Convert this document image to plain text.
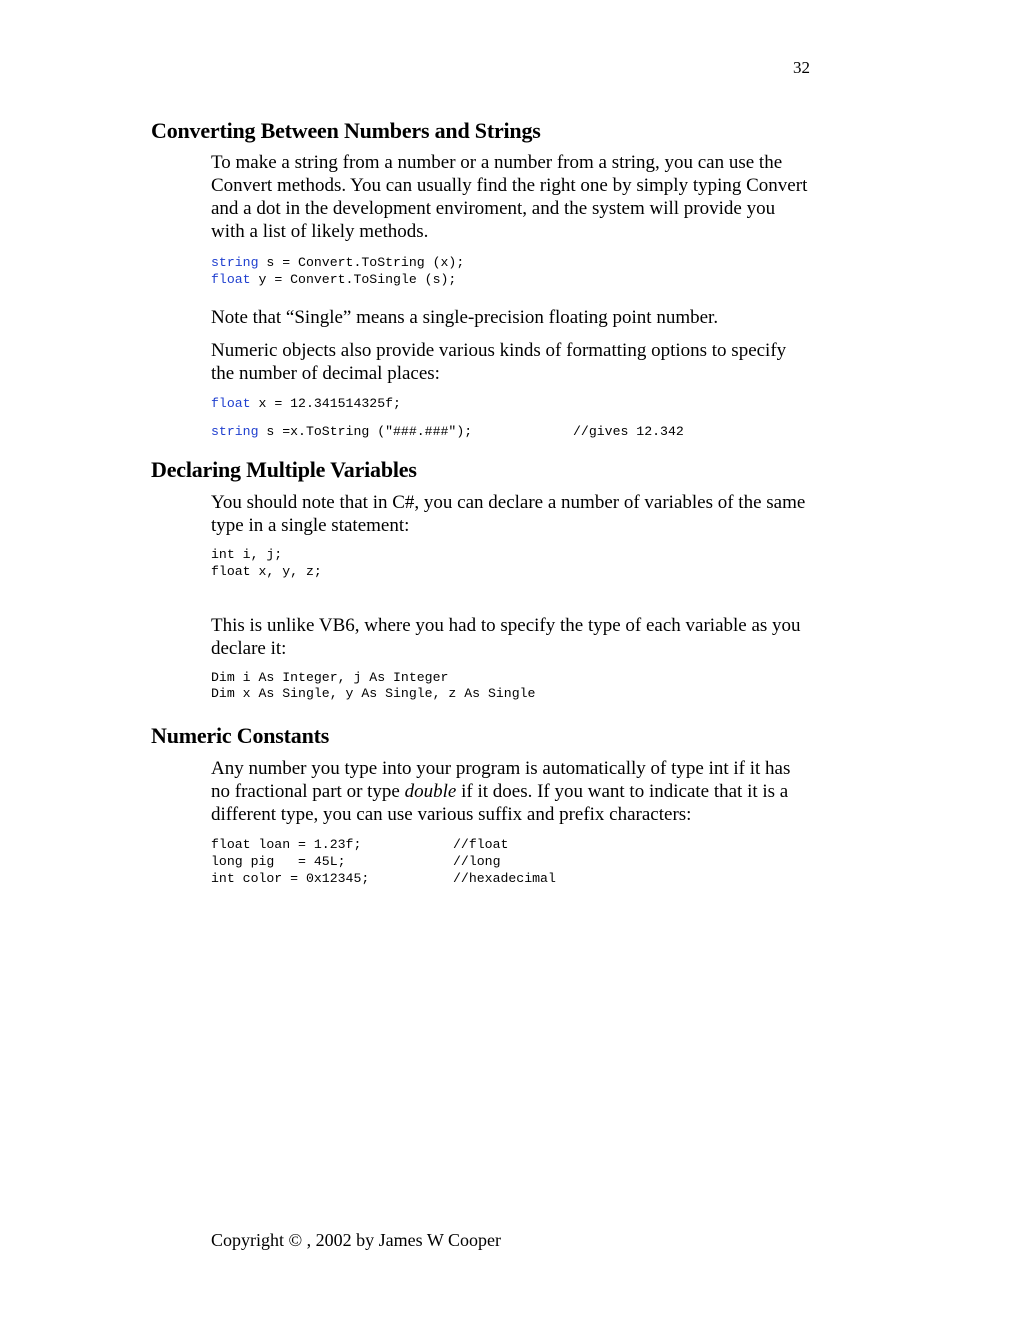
32
Converting Between Numbers and Strings
To make a string from a number or a number from a string, you can use the Convert methods. You can usually find the right one by simply typing Convert and a dot in the development enviroment, and the system will provide you with a list of likely methods.
string s = Convert.ToString (x);
float y = Convert.ToSingle (s);
Note that “Single” means a single-precision floating point number.
Numeric objects also provide various kinds of formatting options to specify the number of decimal places:
float x = 12.341514325f;
string s =x.ToString ("###.###");	//gives 12.342
Declaring Multiple Variables
You should note that in C#, you can declare a number of variables of the same type in a single statement:
int i, j;
float x, y, z;
This is unlike VB6, where you had to specify the type of each variable as you declare it:
Dim i As Integer, j As Integer
Dim x As Single, y As Single, z As Single
Numeric Constants
Any number you type into your program is automatically of type int if it has no fractional part or type double if it does. If you want to indicate that it is a different type, you can use various suffix and prefix characters:
float loan = 1.23f;
long pig   = 45L;
int color = 0x12345;
//float
//long
//hexadecimal
Copyright © , 2002 by James W Cooper
